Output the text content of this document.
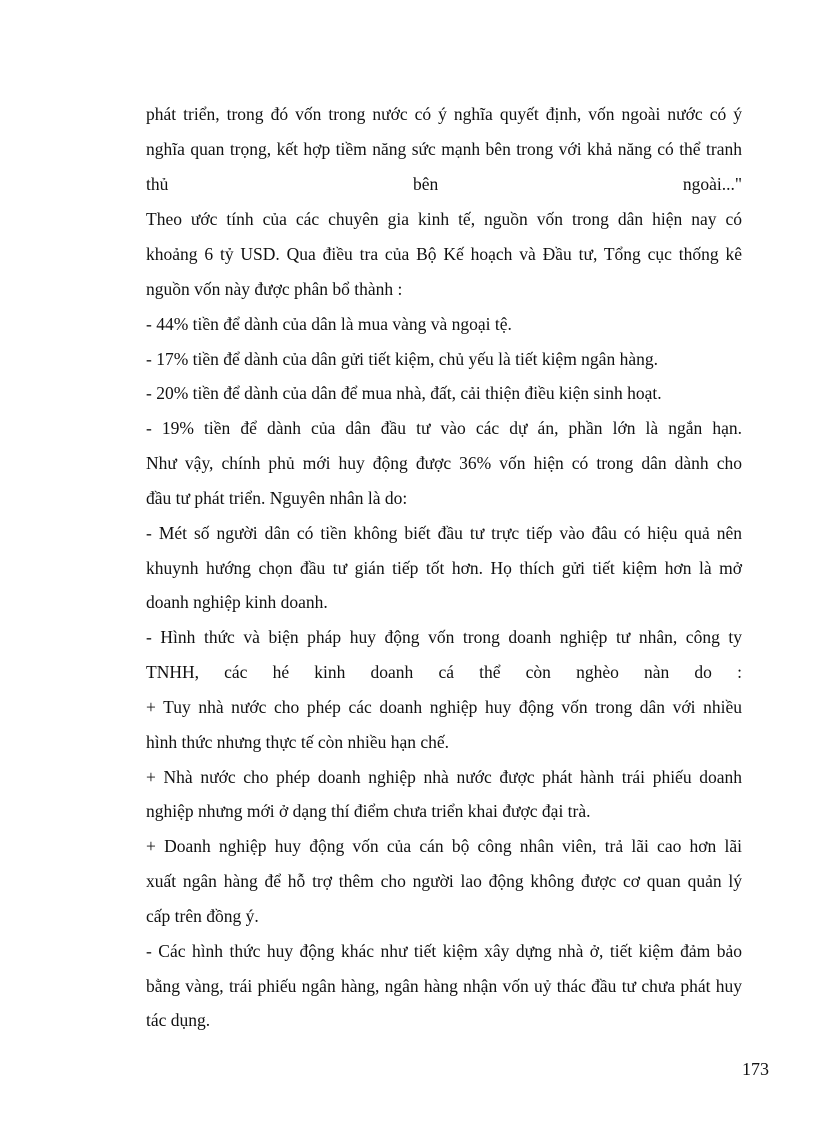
phát triển, trong đó vốn trong nước có ý nghĩa quyết định, vốn ngoài nước có ý
nghĩa quan trọng, kết hợp tiềm năng sức mạnh bên trong với khả năng có thể tranh
thủ	bên	ngoài..."
Theo ước tính của các chuyên gia kinh tế, nguồn vốn trong dân hiện nay có
khoảng 6 tỷ USD. Qua điều tra của Bộ Kế hoạch và Đầu tư, Tổng cục thống kê
nguồn vốn này được phân bổ thành :
- 44% tiền để dành của dân là mua vàng và ngoại tệ.
- 17% tiền để dành của dân gửi tiết kiệm, chủ yếu là tiết kiệm ngân hàng.
- 20% tiền để dành của dân để mua nhà, đất, cải thiện điều kiện sinh hoạt.
- 19% tiền để dành của dân đầu tư vào các dự án, phần lớn là ngắn hạn.
Như vậy, chính phủ mới huy động được 36% vốn hiện có trong dân dành cho
đầu tư phát triển. Nguyên nhân là do:
- Mét số người dân có tiền không biết đầu tư trực tiếp vào đâu có hiệu quả nên
khuynh hướng chọn đầu tư gián tiếp tốt hơn. Họ thích gửi tiết kiệm hơn là mở
doanh nghiệp kinh doanh.
- Hình thức và biện pháp huy động vốn trong doanh nghiệp tư nhân, công ty
TNHH, các hé kinh doanh cá thể còn nghèo nàn do :
+ Tuy nhà nước cho phép các doanh nghiệp huy động vốn trong dân với nhiều
hình thức nhưng thực tế còn nhiều hạn chế.
+ Nhà nước cho phép doanh nghiệp nhà nước được phát hành trái phiếu doanh
nghiệp nhưng mới ở dạng thí điểm chưa triển khai được đại trà.
+ Doanh nghiệp huy động vốn của cán bộ công nhân viên, trả lãi cao hơn lãi
xuất ngân hàng để hỗ trợ thêm cho người lao động không được cơ quan quản lý
cấp trên đồng ý.
- Các hình thức huy động khác như tiết kiệm xây dựng nhà ở, tiết kiệm đảm bảo
bằng vàng, trái phiếu ngân hàng, ngân hàng nhận vốn uỷ thác đầu tư chưa phát huy
tác dụng.
173
